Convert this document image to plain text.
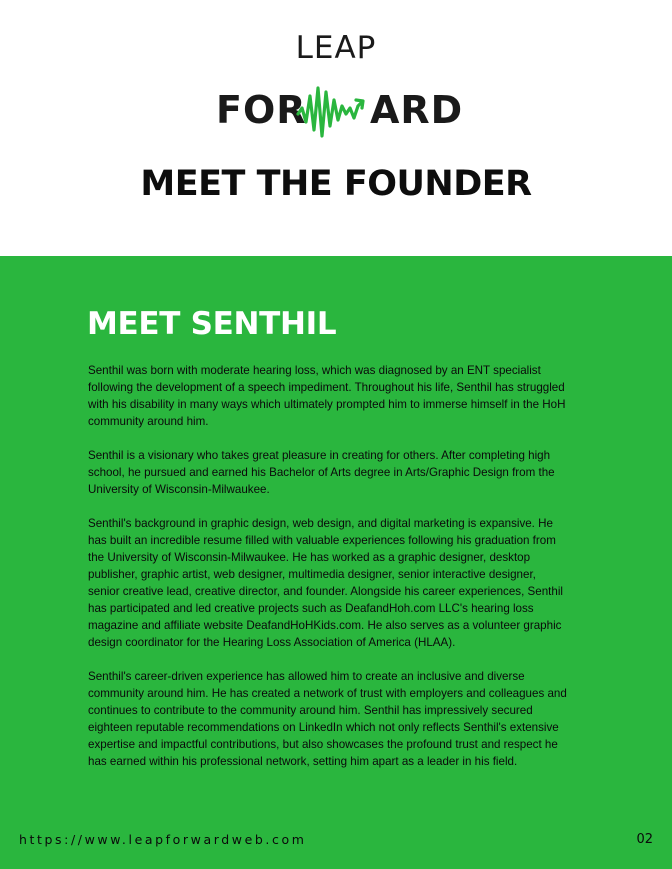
LEAP
FOR ARD
MEET THE FOUNDER
MEET SENTHIL

Senthil was born with moderate hearing loss, which was diagnosed by an ENT specialist following the development of a speech impediment. Throughout his life, Senthil has struggled with his disability in many ways which ultimately prompted him to immerse himself in the HoH community around him.

Senthil is a visionary who takes great pleasure in creating for others. After completing high school, he pursued and earned his Bachelor of Arts degree in Arts/Graphic Design from the University of Wisconsin-Milwaukee.

Senthil's background in graphic design, web design, and digital marketing is expansive. He has built an incredible resume filled with valuable experiences following his graduation from the University of Wisconsin-Milwaukee. He has worked as a graphic designer, desktop publisher, graphic artist, web designer, multimedia designer, senior interactive designer, senior creative lead, creative director, and founder. Alongside his career experiences, Senthil has participated and led creative projects such as DeafandHoh.com LLC's hearing loss magazine and affiliate website DeafandHoHKids.com. He also serves as a volunteer graphic design coordinator for the Hearing Loss Association of America (HLAA).

Senthil's career-driven experience has allowed him to create an inclusive and diverse community around him. He has created a network of trust with employers and colleagues and continues to contribute to the community around him. Senthil has impressively secured eighteen reputable recommendations on LinkedIn which not only reflects Senthil's extensive expertise and impactful contributions, but also showcases the profound trust and respect he has earned within his professional network, setting him apart as a leader in his field.

https://www.leapforwardweb.com	02
